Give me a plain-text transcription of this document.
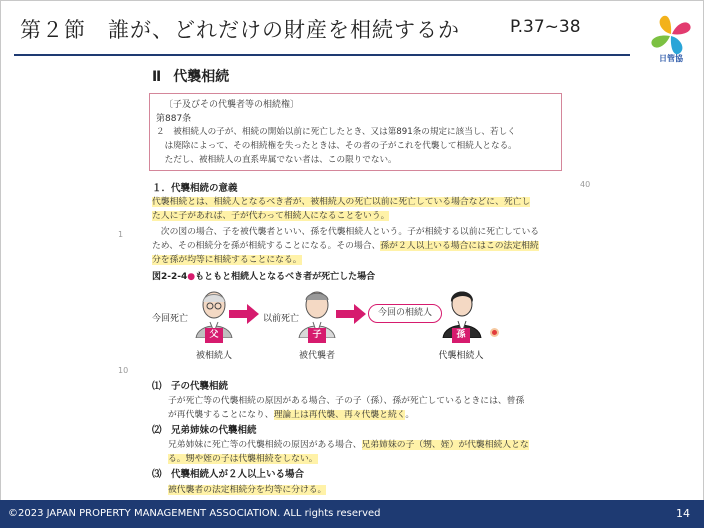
第２節　誰が、どれだけの財産を相続するか	P.37~38
日管協
Ⅱ 代襲相続
〔子及びその代襲者等の相続権〕
第887条
２　被相続人の子が、相続の開始以前に死亡したとき、又は第891条の規定に該当し、若しく
　は廃除によって、その相続権を失ったときは、その者の子がこれを代襲して相続人となる。
　ただし、被相続人の直系卑属でない者は、この限りでない。
１．代襲相続の意義
代襲相続とは、相続人となるべき者が、被相続人の死亡以前に死亡している場合などに、死亡し
た人に子があれば、子が代わって相続人になることをいう。
　次の図の場合、子を被代襲者といい、孫を代襲相続人という。子が相続する以前に死亡している
ため、その相続分を孫が相続することになる。その場合、孫が２人以上いる場合にはこの法定相続
分を孫が均等に相続することになる。
40
1
10
図2-2-4●もともと相続人となるべき者が死亡した場合
今回死亡	以前死亡
今回の相続人
父
被相続人
子
被代襲者
孫
代襲相続人
⑴　子の代襲相続
子が死亡等の代襲相続の原因がある場合、子の子（孫）、孫が死亡しているときには、曾孫
が再代襲することになり、理論上は再代襲、再々代襲と続く。
⑵　兄弟姉妹の代襲相続
兄弟姉妹に死亡等の代襲相続の原因がある場合、兄弟姉妹の子（甥、姪）が代襲相続人とな
る。甥や姪の子は代襲相続をしない。
⑶　代襲相続人が２人以上いる場合
被代襲者の法定相続分を均等に分ける。
©2023 JAPAN PROPERTY MANAGEMENT ASSOCIATION. ALL rights reserved	14
